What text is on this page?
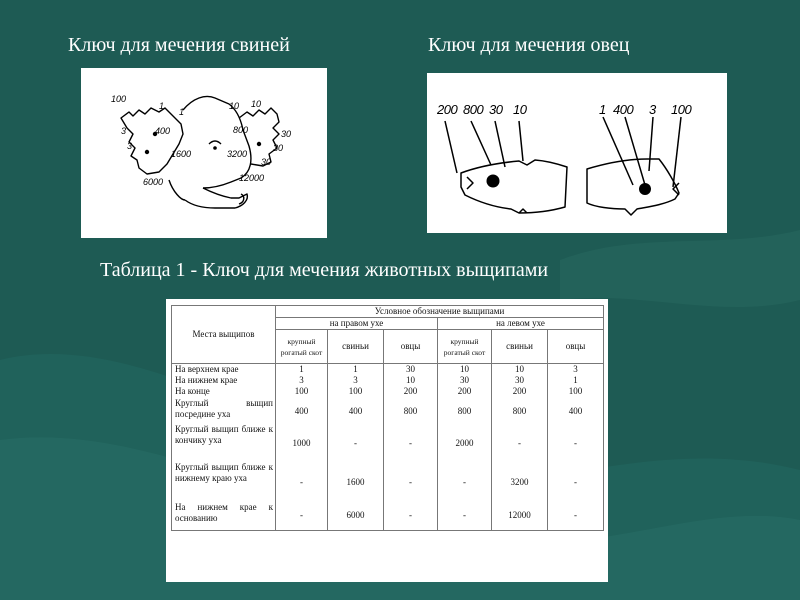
Ключ для мечения свиней	Ключ для мечения овец
100
1
1
3	400
3
1600
6000
10 10
800	30
3200
30
30
12000
200 800 30 10	1 400 3 100
Таблица 1 - Ключ для мечения животных выщипами
Места выщипов	Условное обозначение выщипами					
	на правом ухе			на левом ухе		
	крупный рогатый скот	свиньи	овцы	крупный рогатый скот	свиньи	овцы
На верхнем крае	1	1	30	10	10	3
На нижнем крае	3	3	10	30	30	1
На конце	100	100	200	200	200	100
Круглый выщип посредине уха	400	400	800	800	800	400
Круглый выщип ближе к кончику уха	1000	-	-	2000	-	-
Круглый выщип ближе к нижнему краю уха	-	1600	-	-	3200	-
На нижнем крае к основанию	-	6000	-	-	12000	-
